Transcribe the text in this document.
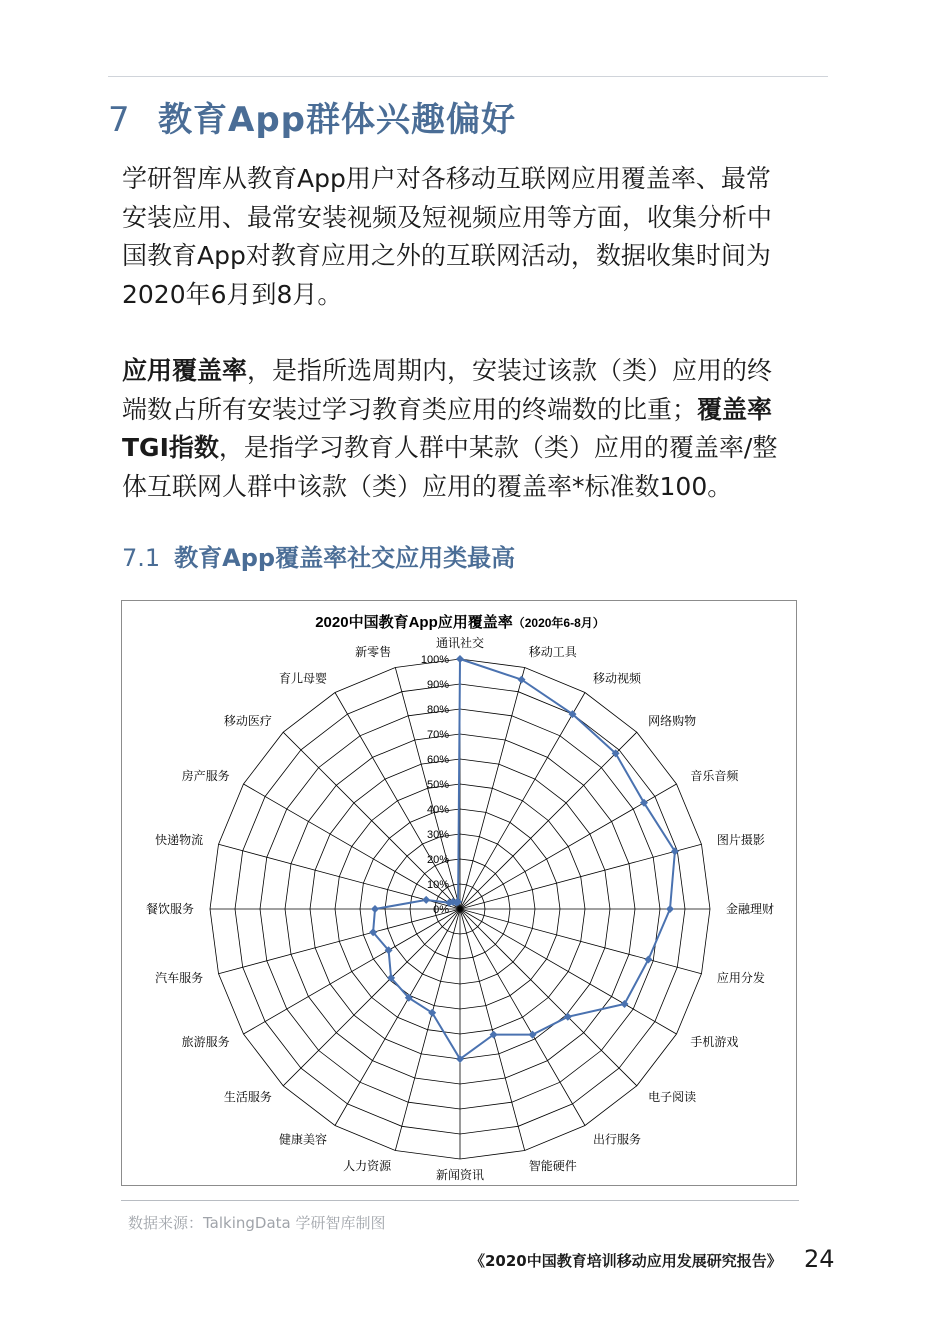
7 教育App群体兴趣偏好
学研智库从教育App用户对各移动互联网应用覆盖率、最常
安装应用、最常安装视频及短视频应用等方面，收集分析中
国教育App对教育应用之外的互联网活动，数据收集时间为
2020年6月到8月。
应用覆盖率，是指所选周期内，安装过该款（类）应用的终
端数占所有安装过学习教育类应用的终端数的比重；覆盖率
TGI指数，是指学习教育人群中某款（类）应用的覆盖率/整
体互联网人群中该款（类）应用的覆盖率*标准数100。
7.1 教育App覆盖率社交应用类最高
2020中国教育App应用覆盖率（2020年6-8月）
0%
10%
20%
30%
40%
50%
60%
70%
80%
90%
100%
通讯社交
移动工具
移动视频
网络购物
音乐音频
图片摄影
金融理财
应用分发
手机游戏
电子阅读
出行服务
智能硬件
新闻资讯
人力资源
健康美容
生活服务
旅游服务
汽车服务
餐饮服务
快递物流
房产服务
移动医疗
育儿母婴
新零售
数据来源：TalkingData 学研智库制图
《2020中国教育培训移动应用发展研究报告》 24
